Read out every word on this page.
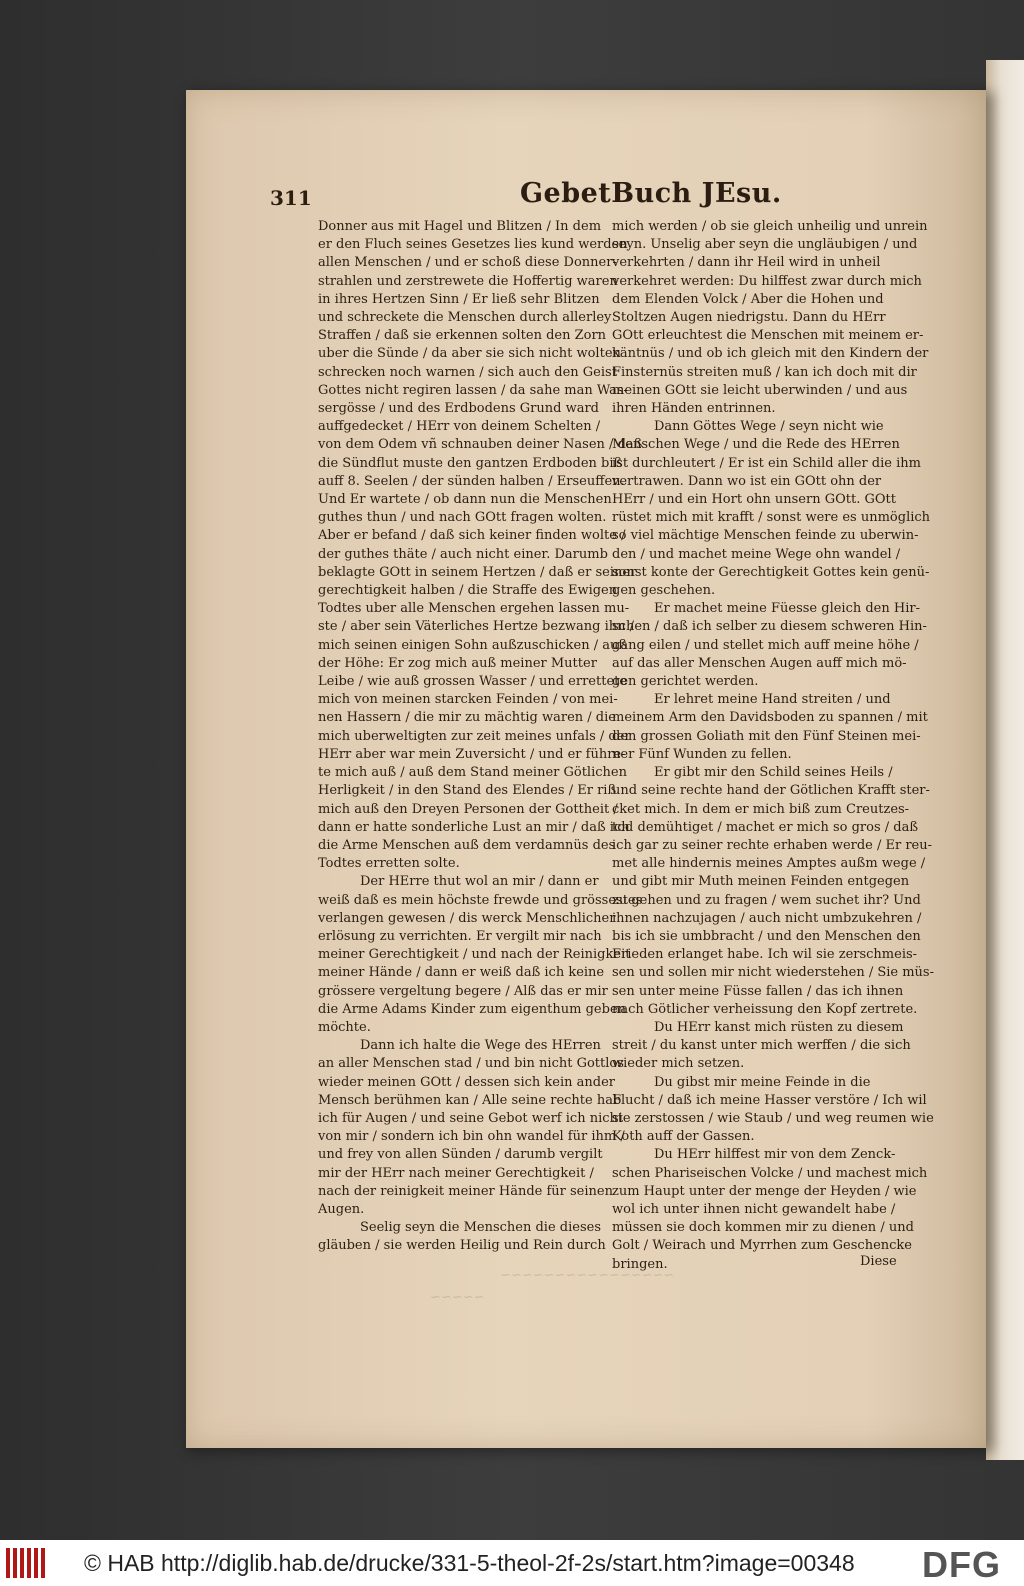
~~~~~~~~~~~~~~~~
~~~~~
311	GebetBuch JEsu.
Donner aus mit Hagel und Blitzen / In dem
er den Fluch seines Gesetzes lies kund werden
allen Menschen / und er schoß diese Donner-
strahlen und zerstrewete die Hoffertig waren
in ihres Hertzen Sinn / Er ließ sehr Blitzen
und schreckete die Menschen durch allerley
Straffen / daß sie erkennen solten den Zorn
uber die Sünde / da aber sie sich nicht wolten
schrecken noch warnen / sich auch den Geist
Gottes nicht regiren lassen / da sahe man Was-
sergösse / und des Erdbodens Grund ward
auffgedecket / HErr von deinem Schelten /
von dem Odem vñ schnauben deiner Nasen / daß
die Sündflut muste den gantzen Erdboden biß
auff 8. Seelen / der sünden halben / Erseuffen.
Und Er wartete / ob dann nun die Menschen
guthes thun / und nach GOtt fragen wolten.
Aber er befand / daß sich keiner finden wolte /
der guthes thäte / auch nicht einer. Darumb
beklagte GOtt in seinem Hertzen / daß er seiner
gerechtigkeit halben / die Straffe des Ewigen
Todtes uber alle Menschen ergehen lassen mu-
ste / aber sein Väterliches Hertze bezwang ihn /
mich seinen einigen Sohn außzuschicken / auß
der Höhe: Er zog mich auß meiner Mutter
Leibe / wie auß grossen Wasser / und errettete
mich von meinen starcken Feinden / von mei-
nen Hassern / die mir zu mächtig waren / die
mich uberweltigten zur zeit meines unfals / der
HErr aber war mein Zuversicht / und er führe-
te mich auß / auß dem Stand meiner Götlichen
Herligkeit / in den Stand des Elendes / Er riß
mich auß den Dreyen Personen der Gottheit /
dann er hatte sonderliche Lust an mir / daß ich
die Arme Menschen auß dem verdamnüs des
Todtes erretten solte.
Der HErre thut wol an mir / dann er
weiß daß es mein höchste frewde und grössestes
verlangen gewesen / dis werck Menschlicher
erlösung zu verrichten. Er vergilt mir nach
meiner Gerechtigkeit / und nach der Reinigkeit
meiner Hände / dann er weiß daß ich keine
grössere vergeltung begere / Alß das er mir
die Arme Adams Kinder zum eigenthum geben
möchte.
Dann ich halte die Wege des HErren
an aller Menschen stad / und bin nicht Gottlos
wieder meinen GOtt / dessen sich kein ander
Mensch berühmen kan / Alle seine rechte hab
ich für Augen / und seine Gebot werf ich nicht
von mir / sondern ich bin ohn wandel für ihm /
und frey von allen Sünden / darumb vergilt
mir der HErr nach meiner Gerechtigkeit /
nach der reinigkeit meiner Hände für seinen
Augen.
Seelig seyn die Menschen die dieses
gläuben / sie werden Heilig und Rein durch
mich werden / ob sie gleich unheilig und unrein
seyn. Unselig aber seyn die ungläubigen / und
verkehrten / dann ihr Heil wird in unheil
verkehret werden: Du hilffest zwar durch mich
dem Elenden Volck / Aber die Hohen und
Stoltzen Augen niedrigstu. Dann du HErr
GOtt erleuchtest die Menschen mit meinem er-
käntnüs / und ob ich gleich mit den Kindern der
Finsternüs streiten muß / kan ich doch mit dir
meinen GOtt sie leicht uberwinden / und aus
ihren Händen entrinnen.
Dann Göttes Wege / seyn nicht wie
Menschen Wege / und die Rede des HErren
ist durchleutert / Er ist ein Schild aller die ihm
vertrawen. Dann wo ist ein GOtt ohn der
HErr / und ein Hort ohn unsern GOtt. GOtt
rüstet mich mit krafft / sonst were es unmöglich
so viel mächtige Menschen feinde zu uberwin-
den / und machet meine Wege ohn wandel /
sonst konte der Gerechtigkeit Gottes kein genü-
gen geschehen.
Er machet meine Füesse gleich den Hir-
schen / daß ich selber zu diesem schweren Hin-
gang eilen / und stellet mich auff meine höhe /
auf das aller Menschen Augen auff mich mö-
gen gerichtet werden.
Er lehret meine Hand streiten / und
meinem Arm den Davidsboden zu spannen / mit
den grossen Goliath mit den Fünf Steinen mei-
ner Fünf Wunden zu fellen.
Er gibt mir den Schild seines Heils /
und seine rechte hand der Götlichen Krafft ster-
cket mich. In dem er mich biß zum Creutzes-
tod demühtiget / machet er mich so gros / daß
ich gar zu seiner rechte erhaben werde / Er reu-
met alle hindernis meines Amptes außm wege /
und gibt mir Muth meinen Feinden entgegen
zu gehen und zu fragen / wem suchet ihr? Und
ihnen nachzujagen / auch nicht umbzukehren /
bis ich sie umbbracht / und den Menschen den
Frieden erlanget habe. Ich wil sie zerschmeis-
sen und sollen mir nicht wiederstehen / Sie müs-
sen unter meine Füsse fallen / das ich ihnen
nach Götlicher verheissung den Kopf zertrete.
Du HErr kanst mich rüsten zu diesem
streit / du kanst unter mich werffen / die sich
wieder mich setzen.
Du gibst mir meine Feinde in die
Flucht / daß ich meine Hasser verstöre / Ich wil
sie zerstossen / wie Staub / und weg reumen wie
Koth auff der Gassen.
Du HErr hilffest mir von dem Zenck-
schen Phariseischen Volcke / und machest mich
zum Haupt unter der menge der Heyden / wie
wol ich unter ihnen nicht gewandelt habe /
müssen sie doch kommen mir zu dienen / und
Golt / Weirach und Myrrhen zum Geschencke
bringen.	Diese
© HAB http://diglib.hab.de/drucke/331-5-theol-2f-2s/start.htm?image=00348 DFG
